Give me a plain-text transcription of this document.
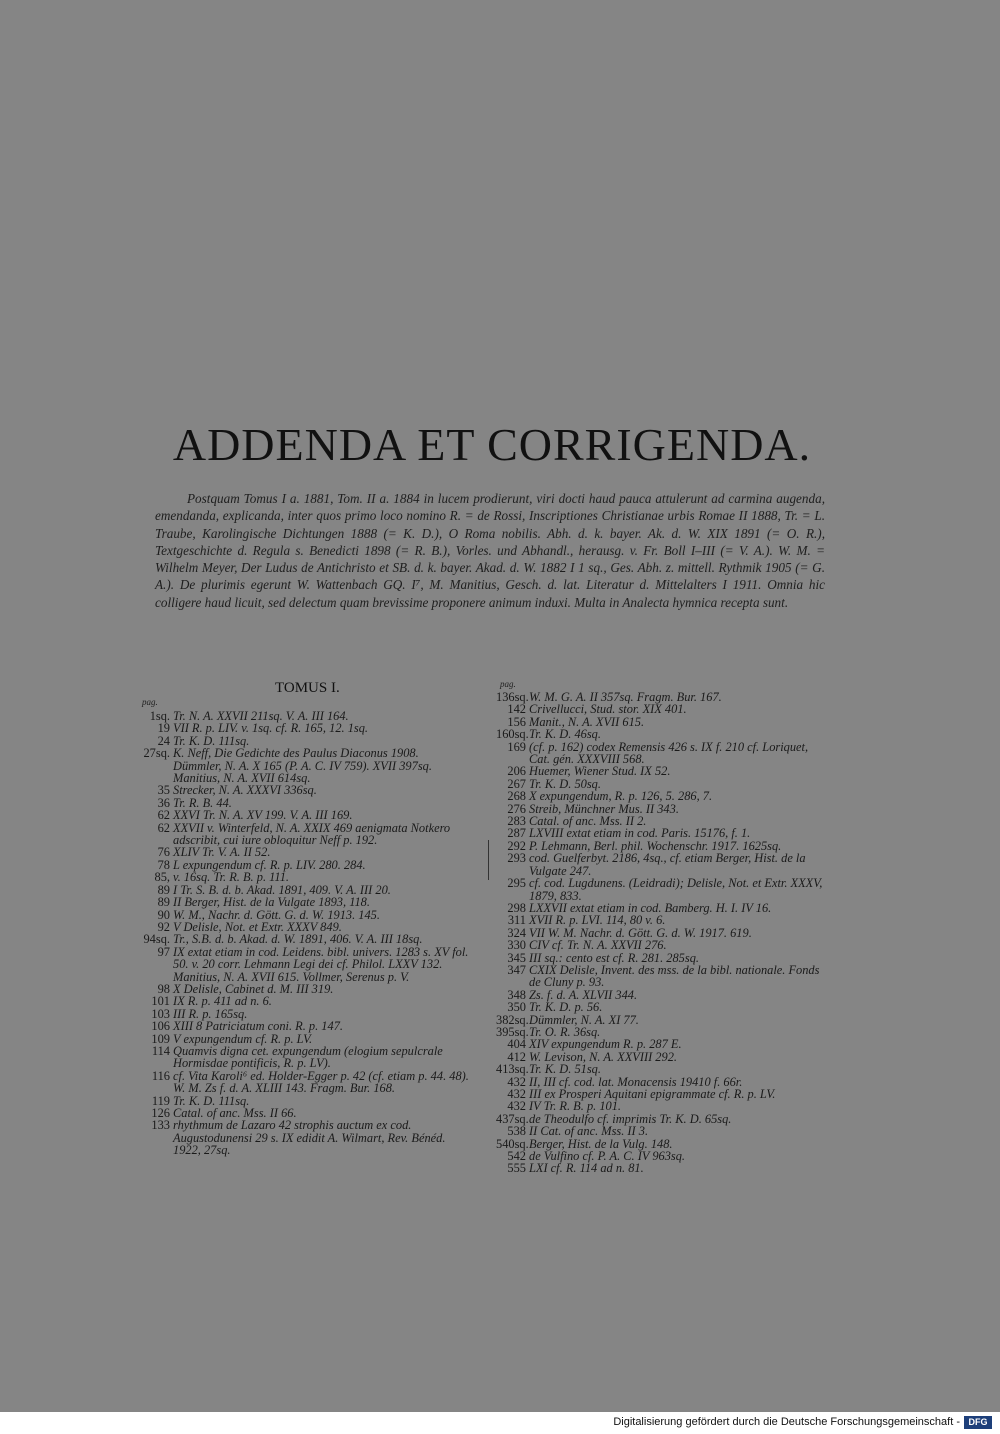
ADDENDA ET CORRIGENDA.
Postquam Tomus I a. 1881, Tom. II a. 1884 in lucem prodierunt, viri docti haud pauca attulerunt ad carmina augenda, emendanda, explicanda, inter quos primo loco nomino R. = de Rossi, Inscriptiones Christianae urbis Romae II 1888, Tr. = L. Traube, Karolingische Dichtungen 1888 (= K. D.), O Roma nobilis. Abh. d. k. bayer. Ak. d. W. XIX 1891 (= O. R.), Textgeschichte d. Regula s. Benedicti 1898 (= R. B.), Vorles. und Abhandl., herausg. v. Fr. Boll I–III (= V. A.). W. M. = Wilhelm Meyer, Der Ludus de Antichristo et SB. d. k. bayer. Akad. d. W. 1882 I 1 sq., Ges. Abh. z. mittell. Rythmik 1905 (= G. A.). De plurimis egerunt W. Wattenbach GQ. I⁷, M. Manitius, Gesch. d. lat. Literatur d. Mittelalters I 1911. Omnia hic colligere haud licuit, sed delectum quam brevissime proponere animum induxi. Multa in Analecta hymnica recepta sunt.
TOMUS I.
pag.
pag.
1sq. Tr. N. A. XXVII 211sq. V. A. III 164.
19 VII R. p. LIV. v. 1sq. cf. R. 165, 12. 1sq.
24 Tr. K. D. 111sq.
27sq. K. Neff, Die Gedichte des Paulus Diaconus 1908. Dümmler, N. A. X 165 (P. A. C. IV 759). XVII 397sq. Manitius, N. A. XVII 614sq.
35 Strecker, N. A. XXXVI 336sq.
36 Tr. R. B. 44.
62 XXVI Tr. N. A. XV 199. V. A. III 169.
62 XXVII v. Winterfeld, N. A. XXIX 469 aenigmata Notkero adscribit, cui iure obloquitur Neff p. 192.
76 XLIV Tr. V. A. II 52.
78 L expungendum cf. R. p. LIV. 280. 284.
85, v. 16sq. Tr. R. B. p. 111.
89 I Tr. S. B. d. b. Akad. 1891, 409. V. A. III 20.
89 II Berger, Hist. de la Vulgate 1893, 118.
90 W. M., Nachr. d. Gött. G. d. W. 1913. 145.
92 V Delisle, Not. et Extr. XXXV 849.
94sq. Tr., S.B. d. b. Akad. d. W. 1891, 406. V. A. III 18sq.
97 IX extat etiam in cod. Leidens. bibl. univers. 1283 s. XV fol. 50. v. 20 corr. Lehmann Legi dei cf. Philol. LXXV 132. Manitius, N. A. XVII 615. Vollmer, Serenus p. V.
98 X Delisle, Cabinet d. M. III 319.
101 IX R. p. 411 ad n. 6.
103 III R. p. 165sq.
106 XIII 8 Patriciatum coni. R. p. 147.
109 V expungendum cf. R. p. LV.
114 Quamvis digna cet. expungendum (elogium sepulcrale Hormisdae pontificis, R. p. LV).
116 cf. Vita Karoli⁶ ed. Holder-Egger p. 42 (cf. etiam p. 44. 48). W. M. Zs f. d. A. XLIII 143. Fragm. Bur. 168.
119 Tr. K. D. 111sq.
126 Catal. of anc. Mss. II 66.
133 rhythmum de Lazaro 42 strophis auctum ex cod. Augustodunensi 29 s. IX edidit A. Wilmart, Rev. Bénéd. 1922, 27sq.
136sq. W. M. G. A. II 357sq. Fragm. Bur. 167.
142 Crivellucci, Stud. stor. XIX 401.
156 Manit., N. A. XVII 615.
160sq. Tr. K. D. 46sq.
169 (cf. p. 162) codex Remensis 426 s. IX f. 210 cf. Loriquet, Cat. gén. XXXVIII 568.
206 Huemer, Wiener Stud. IX 52.
267 Tr. K. D. 50sq.
268 X expungendum, R. p. 126, 5. 286, 7.
276 Streib, Münchner Mus. II 343.
283 Catal. of anc. Mss. II 2.
287 LXVIII extat etiam in cod. Paris. 15176, f. 1.
292 P. Lehmann, Berl. phil. Wochenschr. 1917. 1625sq.
293 cod. Guelferbyt. 2186, 4sq., cf. etiam Berger, Hist. de la Vulgate 247.
295 cf. cod. Lugdunens. (Leidradi); Delisle, Not. et Extr. XXXV, 1879, 833.
298 LXXVII extat etiam in cod. Bamberg. H. I. IV 16.
311 XVII R. p. LVI. 114, 80 v. 6.
324 VII W. M. Nachr. d. Gött. G. d. W. 1917. 619.
330 CIV cf. Tr. N. A. XXVII 276.
345 III sq.: cento est cf. R. 281. 285sq.
347 CXIX Delisle, Invent. des mss. de la bibl. nationale. Fonds de Cluny p. 93.
348 Zs. f. d. A. XLVII 344.
350 Tr. K. D. p. 56.
382sq. Dümmler, N. A. XI 77.
395sq. Tr. O. R. 36sq.
404 XIV expungendum R. p. 287 E.
412 W. Levison, N. A. XXVIII 292.
413sq. Tr. K. D. 51sq.
432 II, III cf. cod. lat. Monacensis 19410 f. 66r.
432 III ex Prosperi Aquitani epigrammate cf. R. p. LV.
432 IV Tr. R. B. p. 101.
437sq. de Theodulfo cf. imprimis Tr. K. D. 65sq.
538 II Cat. of anc. Mss. II 3.
540sq. Berger, Hist. de la Vulg. 148.
542 de Vulfino cf. P. A. C. IV 963sq.
555 LXI cf. R. 114 ad n. 81.
Digitalisierung gefördert durch die Deutsche Forschungsgemeinschaft - DFG
